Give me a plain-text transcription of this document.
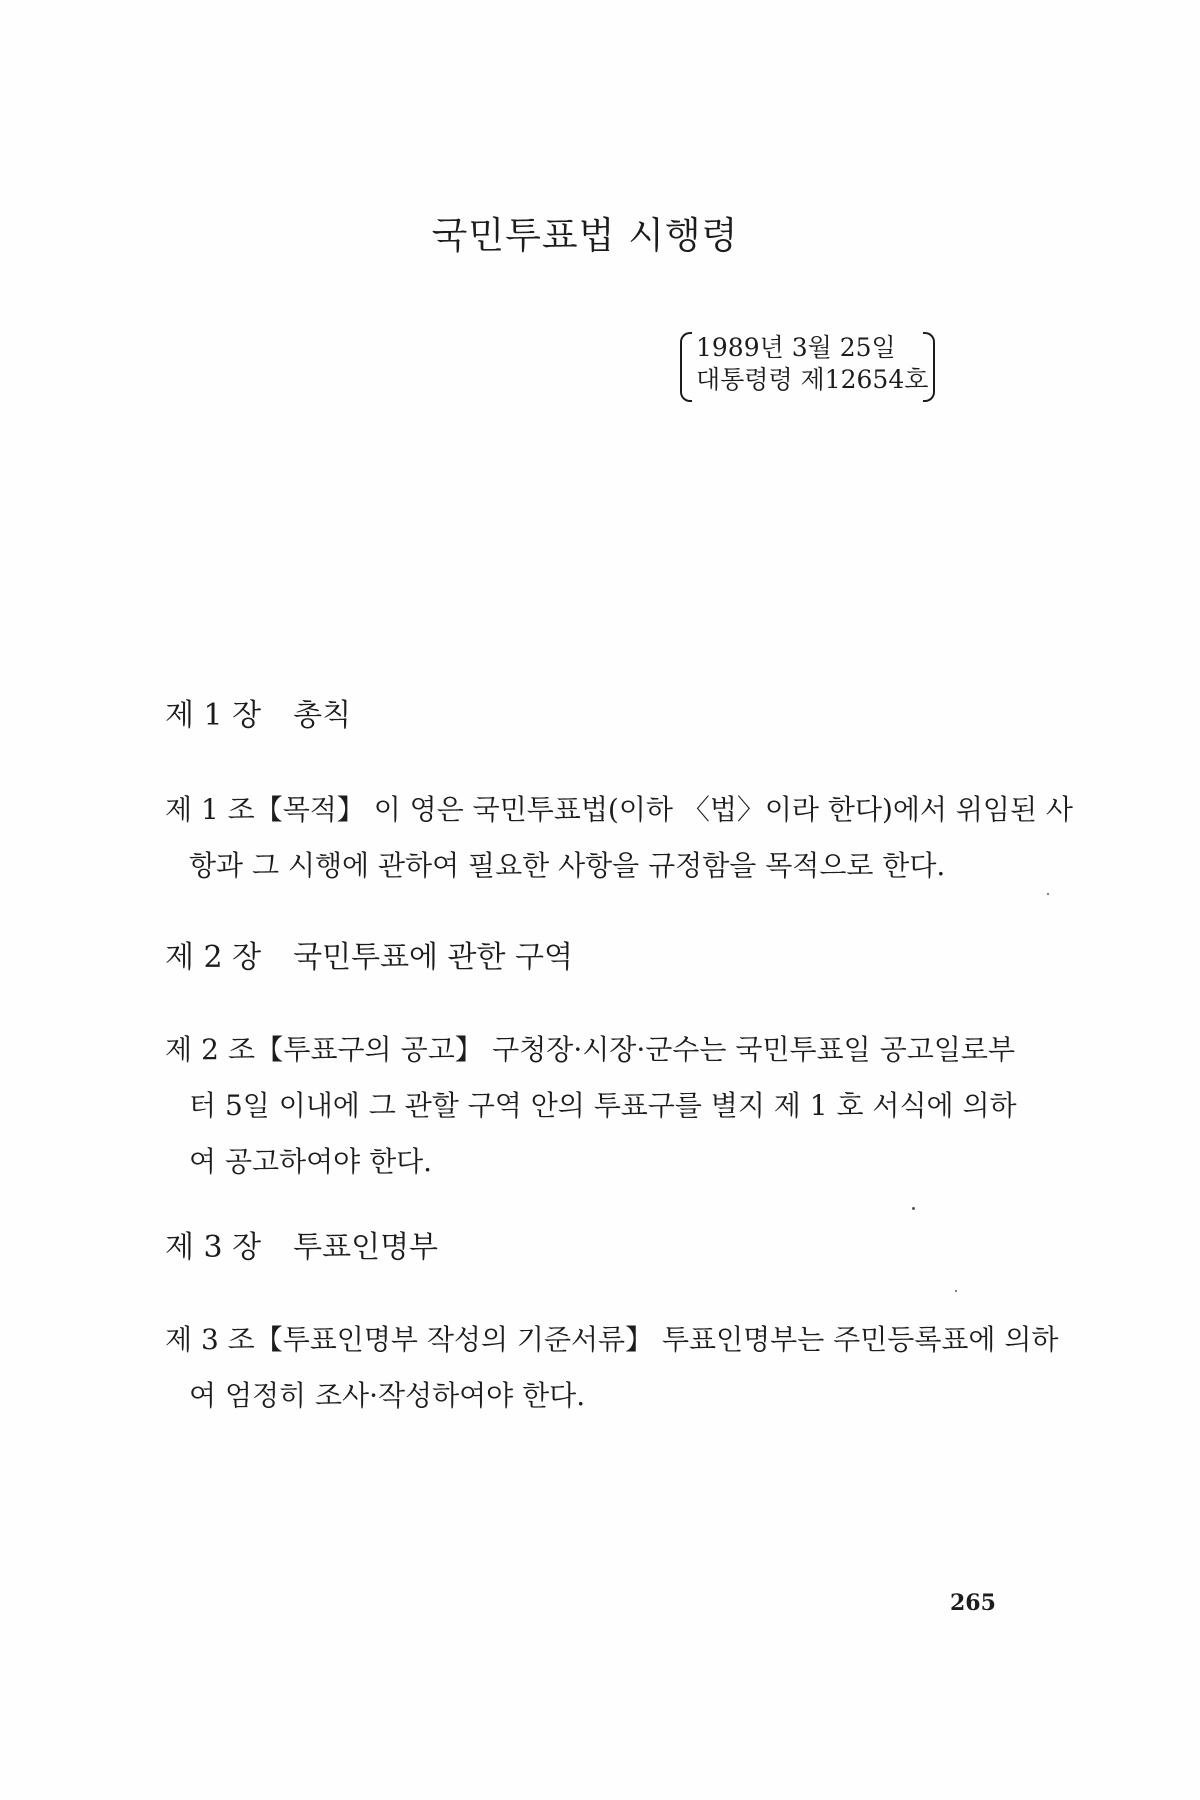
국민투표법 시행령
1989년 3월 25일
대통령령 제12654호
제 1 장 총칙
제 1 조【목적】 이 영은 국민투표법(이하 〈법〉이라 한다)에서 위임된 사
항과 그 시행에 관하여 필요한 사항을 규정함을 목적으로 한다.
제 2 장 국민투표에 관한 구역
제 2 조【투표구의 공고】 구청장·시장·군수는 국민투표일 공고일로부
터 5일 이내에 그 관할 구역 안의 투표구를 별지 제 1 호 서식에 의하
여 공고하여야 한다.
제 3 장 투표인명부
제 3 조【투표인명부 작성의 기준서류】 투표인명부는 주민등록표에 의하
여 엄정히 조사·작성하여야 한다.
265
